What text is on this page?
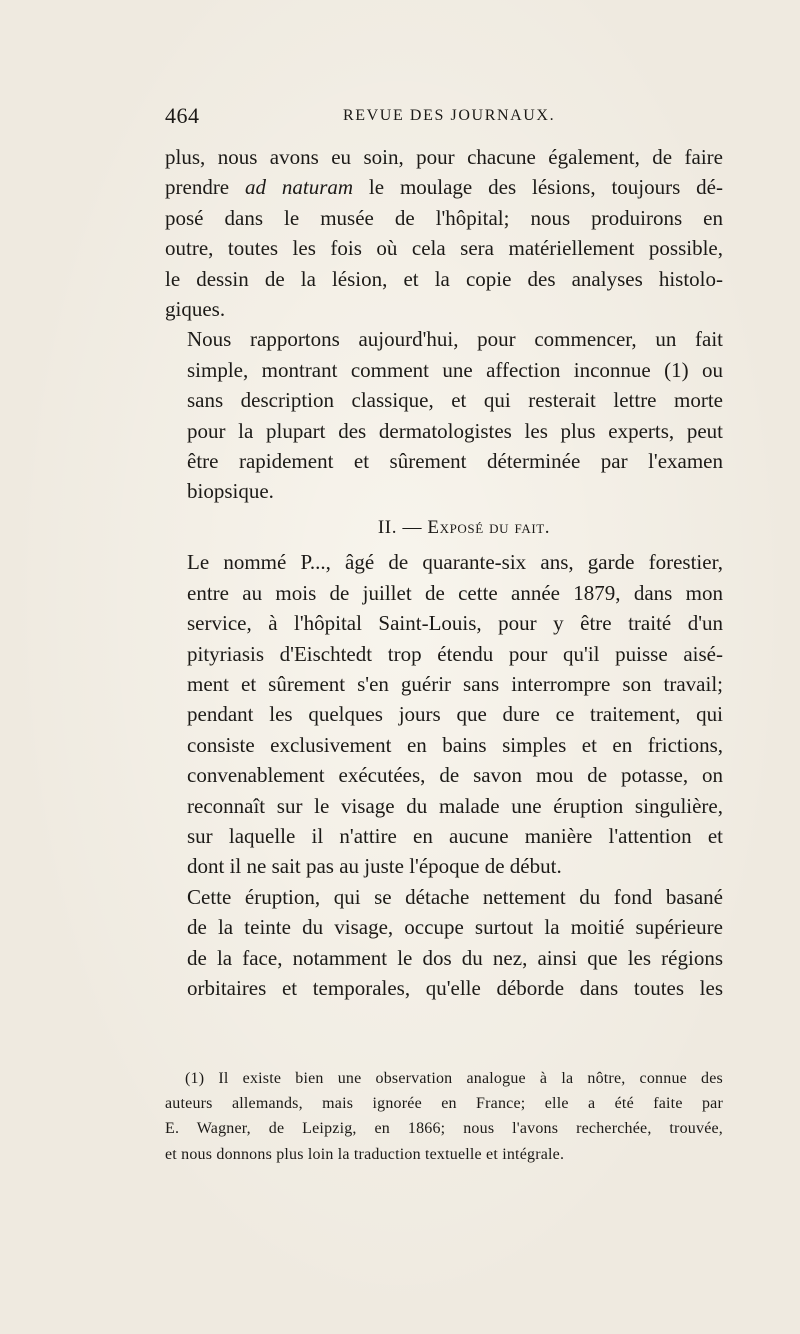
464	REVUE DES JOURNAUX.

plus, nous avons eu soin, pour chacune également, de faire
prendre ad naturam le moulage des lésions, toujours dé-
posé dans le musée de l'hôpital; nous produirons en
outre, toutes les fois où cela sera matériellement possible,
le dessin de la lésion, et la copie des analyses histolo-
giques.

Nous rapportons aujourd'hui, pour commencer, un fait
simple, montrant comment une affection inconnue (1) ou
sans description classique, et qui resterait lettre morte
pour la plupart des dermatologistes les plus experts, peut
être rapidement et sûrement déterminée par l'examen
biopsique.

II. — Exposé du fait.

Le nommé P..., âgé de quarante-six ans, garde forestier,
entre au mois de juillet de cette année 1879, dans mon
service, à l'hôpital Saint-Louis, pour y être traité d'un
pityriasis d'Eischtedt trop étendu pour qu'il puisse aisé-
ment et sûrement s'en guérir sans interrompre son travail;
pendant les quelques jours que dure ce traitement, qui
consiste exclusivement en bains simples et en frictions,
convenablement exécutées, de savon mou de potasse, on
reconnaît sur le visage du malade une éruption singulière,
sur laquelle il n'attire en aucune manière l'attention et
dont il ne sait pas au juste l'époque de début.

Cette éruption, qui se détache nettement du fond basané
de la teinte du visage, occupe surtout la moitié supérieure
de la face, notamment le dos du nez, ainsi que les régions
orbitaires et temporales, qu'elle déborde dans toutes les

(1) Il existe bien une observation analogue à la nôtre, connue des
auteurs allemands, mais ignorée en France; elle a été faite par
E. Wagner, de Leipzig, en 1866; nous l'avons recherchée, trouvée,
et nous donnons plus loin la traduction textuelle et intégrale.
